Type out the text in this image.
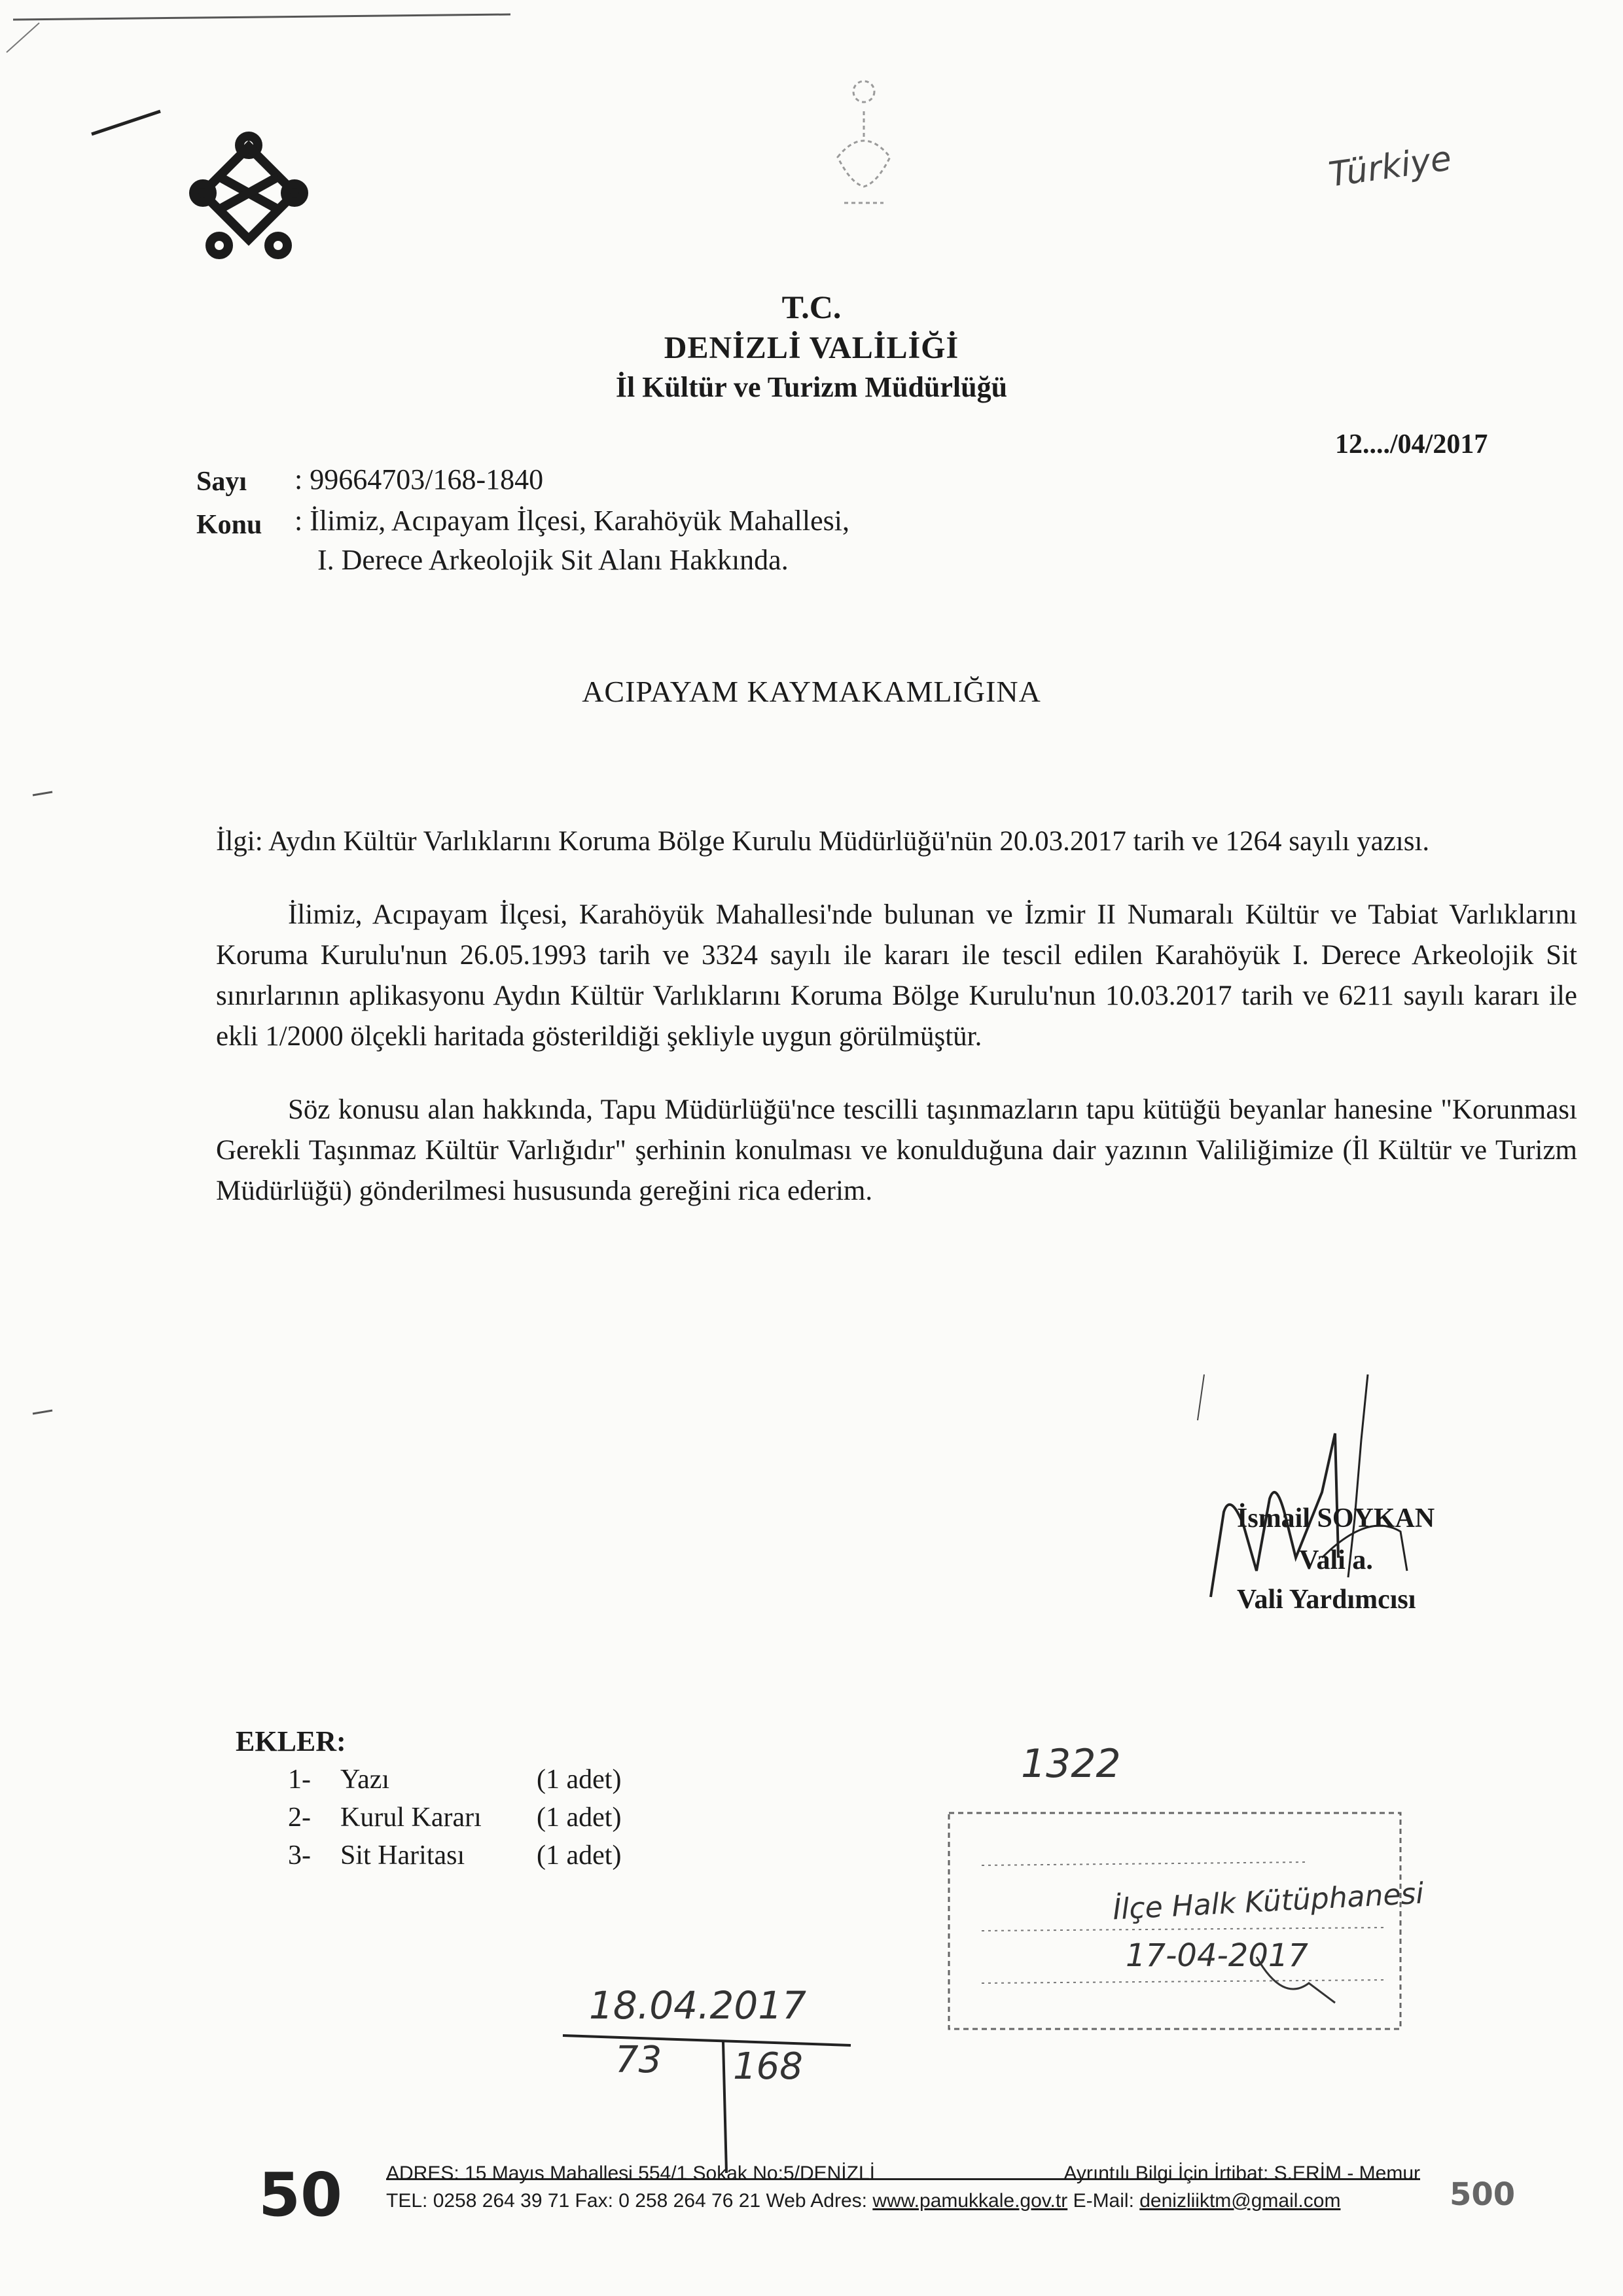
Türkiye
T.C.
DENİZLİ VALİLİĞİ
İl Kültür ve Turizm Müdürlüğü
12..../04/2017
Sayı : 99664703/168-1840
Konu : İlimiz, Acıpayam İlçesi, Karahöyük Mahallesi,
I. Derece Arkeolojik Sit Alanı Hakkında.
ACIPAYAM KAYMAKAMLIĞINA

İlgi: Aydın Kültür Varlıklarını Koruma Bölge Kurulu Müdürlüğü'nün 20.03.2017 tarih ve 1264 sayılı yazısı.

İlimiz, Acıpayam İlçesi, Karahöyük Mahallesi'nde bulunan ve İzmir II Numaralı Kültür ve Tabiat Varlıklarını Koruma Kurulu'nun 26.05.1993 tarih ve 3324 sayılı ile kararı ile tescil edilen Karahöyük I. Derece Arkeolojik Sit sınırlarının aplikasyonu Aydın Kültür Varlıklarını Koruma Bölge Kurulu'nun 10.03.2017 tarih ve 6211 sayılı kararı ile ekli 1/2000 ölçekli haritada gösterildiği şekliyle uygun görülmüştür.

Söz konusu alan hakkında, Tapu Müdürlüğü'nce tescilli taşınmazların tapu kütüğü beyanlar hanesine "Korunması Gerekli Taşınmaz Kültür Varlığıdır" şerhinin konulması ve konulduğuna dair yazının Valiliğimize (İl Kültür ve Turizm Müdürlüğü) gönderilmesi hususunda gereğini rica ederim.

İsmail SOYKAN
Vali a.
Vali Yardımcısı
EKLER:
1- Yazı	(1 adet)
2- Kurul Kararı (1 adet)
3- Sit Haritası	(1 adet)
1322
İlçe Halk Kütüphanesi
17-04-2017
18.04.2017
73 168
50 ADRES: 15 Mayıs Mahallesi 554/1 Sokak No:5/DENİZLİ	Ayrıntılı Bilgi İçin İrtibat: S.ERİM - Memur
TEL: 0258 264 39 71 Fax: 0 258 264 76 21 Web Adres: www.pamukkale.gov.tr E-Mail: denizliiktm@gmail.com	500
